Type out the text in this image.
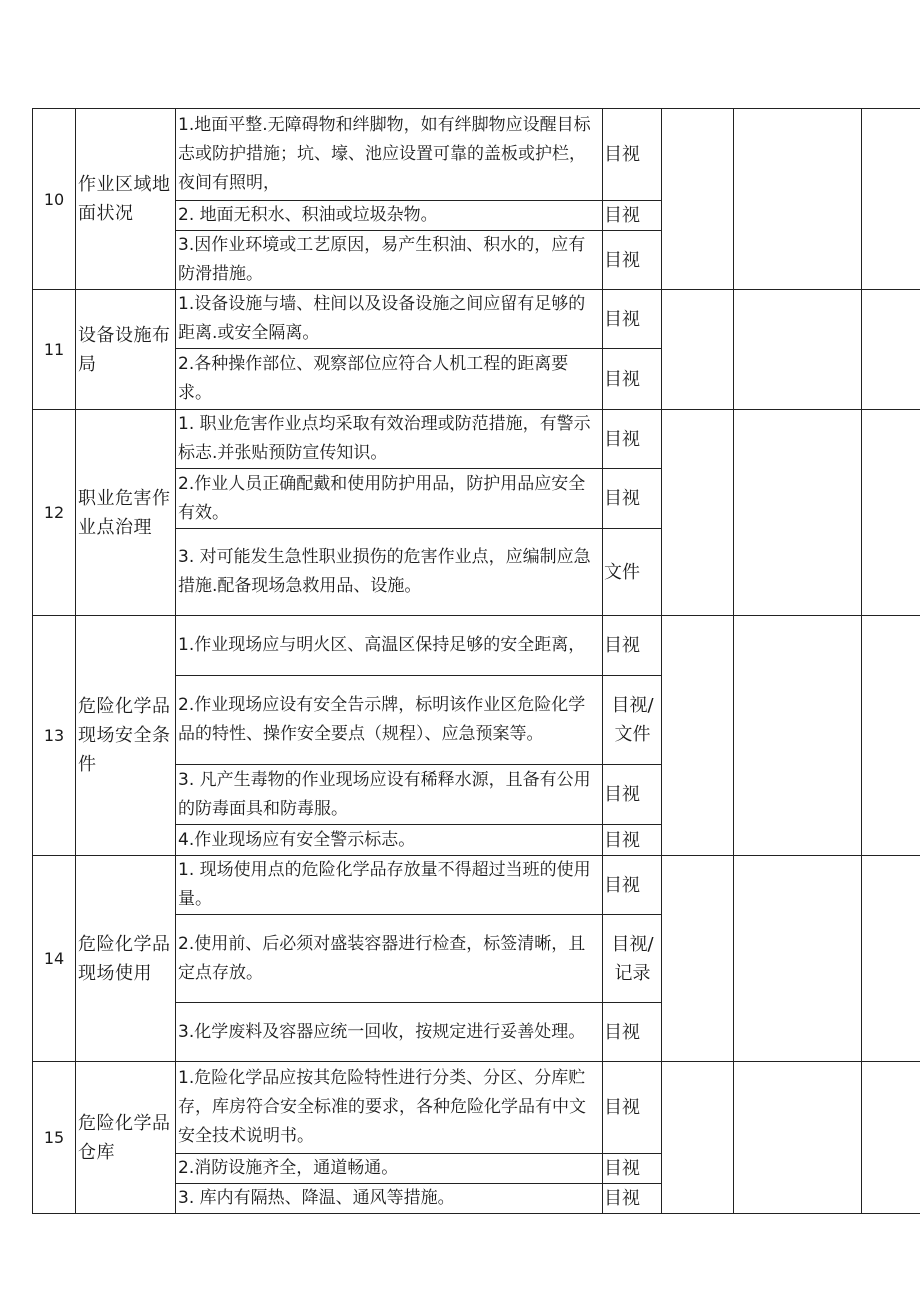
10	作业区域地面状况	1.地面平整.无障碍物和绊脚物，如有绊脚物应设醒目标志或防护措施；坑、壕、池应设置可靠的盖板或护栏，夜间有照明，	目视			
		2. 地面无积水、积油或垃圾杂物。	目视			
		3.因作业环境或工艺原因，易产生积油、积水的，应有防滑措施。	目视			
11	设备设施布局	1.设备设施与墙、柱间以及设备设施之间应留有足够的距离.或安全隔离。	目视			
		2.各种操作部位、观察部位应符合人机工程的距离要求。	目视			
12	职业危害作业点治理	1. 职业危害作业点均采取有效治理或防范措施，有警示标志.并张贴预防宣传知识。	目视			
		2.作业人员正确配戴和使用防护用品，防护用品应安全有效。	目视			
		3. 对可能发生急性职业损伤的危害作业点，应编制应急措施.配备现场急救用品、设施。	文件			
13	危险化学品现场安全条件	1.作业现场应与明火区、高温区保持足够的安全距离，	目视			
		2.作业现场应设有安全告示牌，标明该作业区危险化学品的特性、操作安全要点（规程）、应急预案等。	目视/文件			
		3. 凡产生毒物的作业现场应设有稀释水源，且备有公用的防毒面具和防毒服。	目视			
		4.作业现场应有安全警示标志。	目视			
14	危险化学品现场使用	1. 现场使用点的危险化学品存放量不得超过当班的使用量。	目视			
		2.使用前、后必须对盛装容器进行检查，标签清晰，且定点存放。	目视/记录			
		3.化学废料及容器应统一回收，按规定进行妥善处理。	目视			
15	危险化学品仓库	1.危险化学品应按其危险特性进行分类、分区、分库贮存，库房符合安全标准的要求，各种危险化学品有中文安全技术说明书。	目视			
		2.消防设施齐全，通道畅通。	目视			
		3. 库内有隔热、降温、通风等措施。	目视			
